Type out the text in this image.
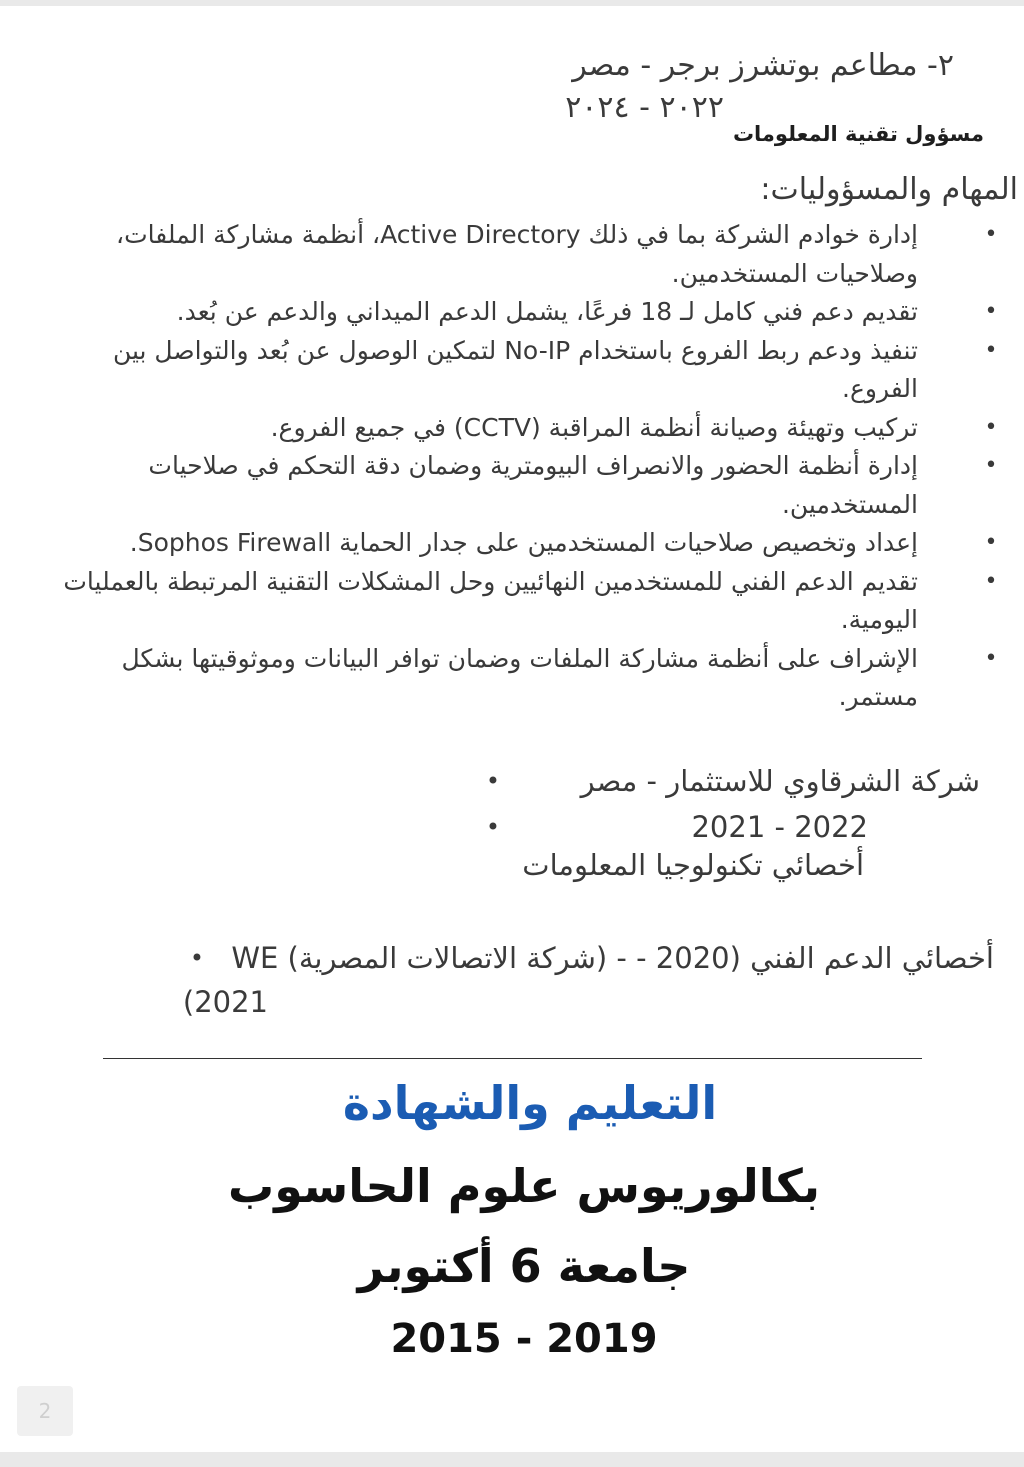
٢- مطاعم بوتشرز برجر - مصر
٢٠٢٢ - ٢٠٢٤
مسؤول تقنية المعلومات
المهام والمسؤوليات:
•
إدارة خوادم الشركة بما في ذلك Active Directory، أنظمة مشاركة الملفات، وصلاحيات المستخدمين.
•
تقديم دعم فني كامل لـ 18 فرعًا، يشمل الدعم الميداني والدعم عن بُعد.
•
تنفيذ ودعم ربط الفروع باستخدام No-IP لتمكين الوصول عن بُعد والتواصل بين الفروع.
•
تركيب وتهيئة وصيانة أنظمة المراقبة (CCTV) في جميع الفروع.
•
إدارة أنظمة الحضور والانصراف البيومترية وضمان دقة التحكم في صلاحيات المستخدمين.
•
إعداد وتخصيص صلاحيات المستخدمين على جدار الحماية Sophos Firewall.
•
تقديم الدعم الفني للمستخدمين النهائيين وحل المشكلات التقنية المرتبطة بالعمليات اليومية.
•
الإشراف على أنظمة مشاركة الملفات وضمان توافر البيانات وموثوقيتها بشكل مستمر.
شركة الشرقاوي للاستثمار - مصر
•
2021 - 2022
•
أخصائي تكنولوجيا المعلومات
أخصائي الدعم الفني (2020 - - (شركة الاتصالات المصرية) WE
•
(2021
التعليم والشهادة
بكالوريوس علوم الحاسوب
جامعة 6 أكتوبر
2015 - 2019
2
